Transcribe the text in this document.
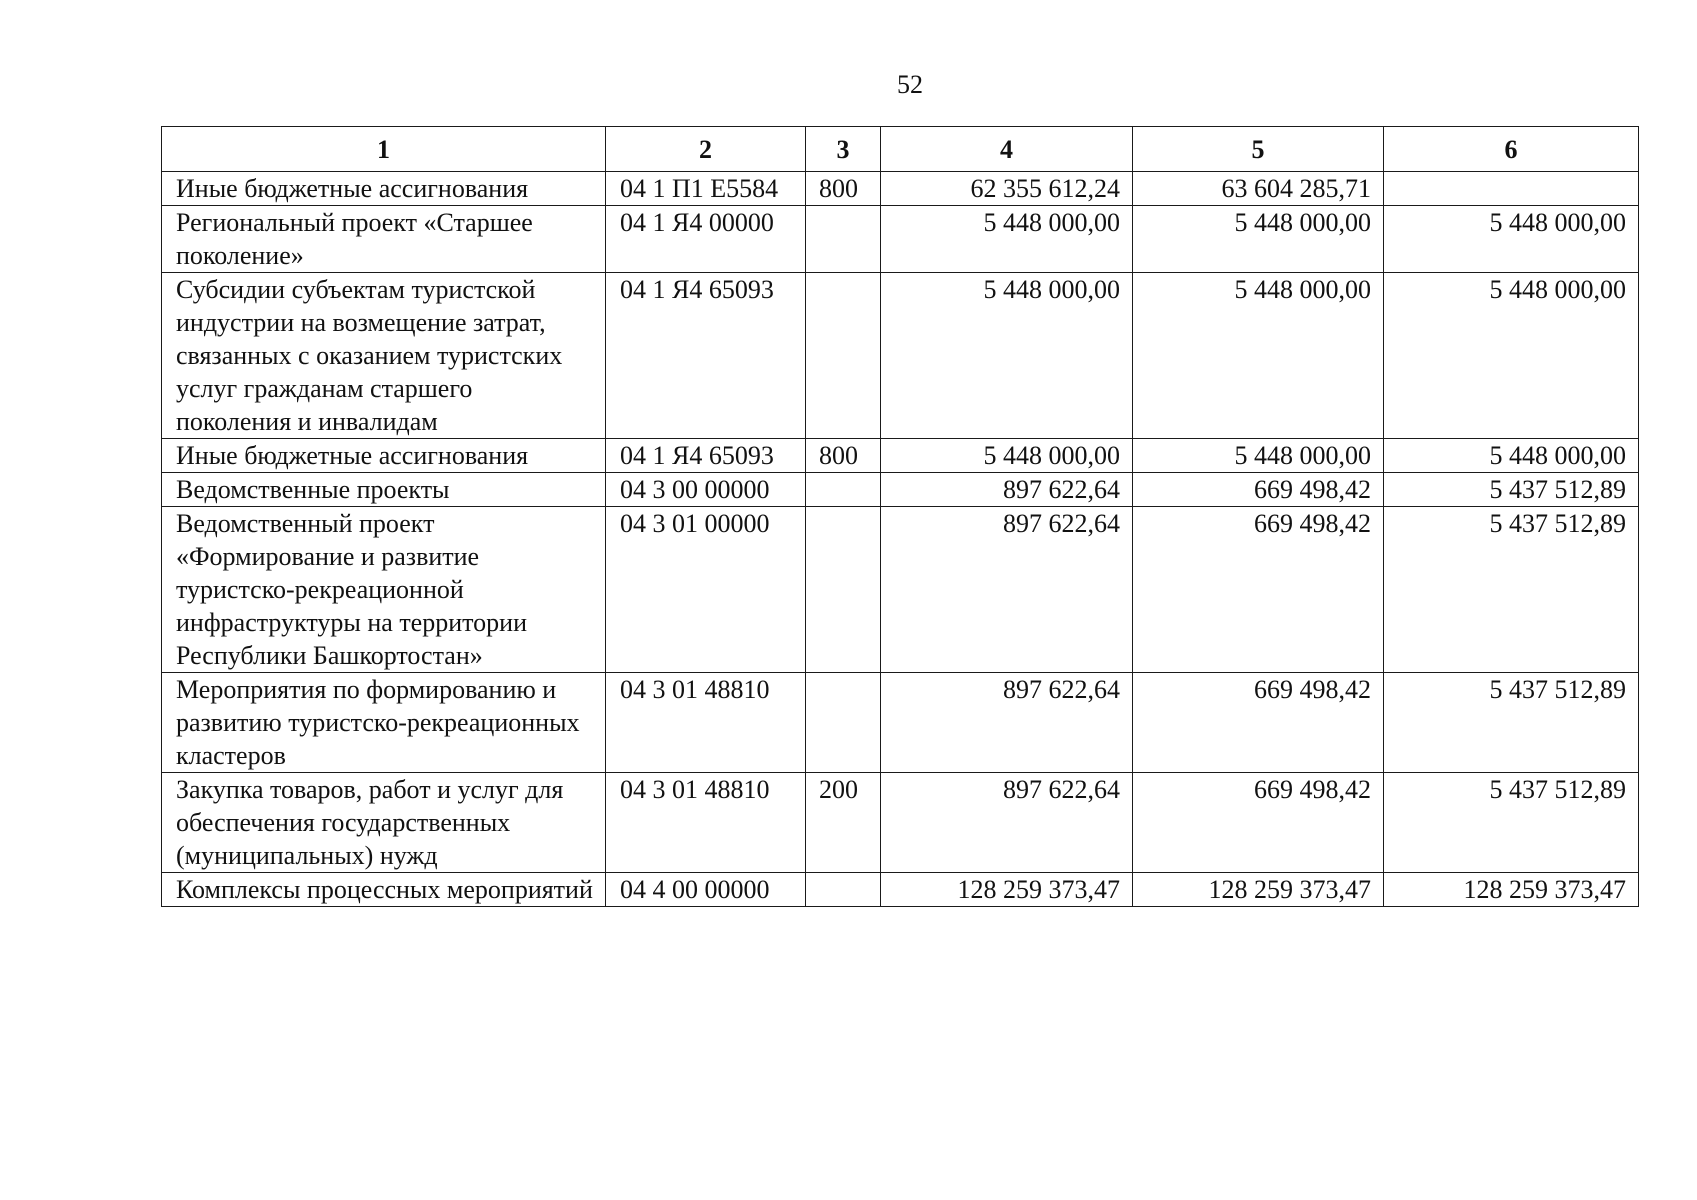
52
1	2	3	4	5	6
Иные бюджетные ассигнования	04 1 П1 Е5584	800	62 355 612,24	63 604 285,71	
Региональный проект «Старшее поколение»	04 1 Я4 00000		5 448 000,00	5 448 000,00	5 448 000,00
Субсидии субъектам туристской индустрии на возмещение затрат, связанных с оказанием туристских услуг гражданам старшего поколения и инвалидам	04 1 Я4 65093		5 448 000,00	5 448 000,00	5 448 000,00
Иные бюджетные ассигнования	04 1 Я4 65093	800	5 448 000,00	5 448 000,00	5 448 000,00
Ведомственные проекты	04 3 00 00000		897 622,64	669 498,42	5 437 512,89
Ведомственный проект «Формирование и развитие туристско-рекреационной инфраструктуры на территории Республики Башкортостан»	04 3 01 00000		897 622,64	669 498,42	5 437 512,89
Мероприятия по формированию и развитию туристско-рекреационных кластеров	04 3 01 48810		897 622,64	669 498,42	5 437 512,89
Закупка товаров, работ и услуг для обеспечения государственных (муниципальных) нужд	04 3 01 48810	200	897 622,64	669 498,42	5 437 512,89
Комплексы процессных мероприятий	04 4 00 00000		128 259 373,47	128 259 373,47	128 259 373,47
